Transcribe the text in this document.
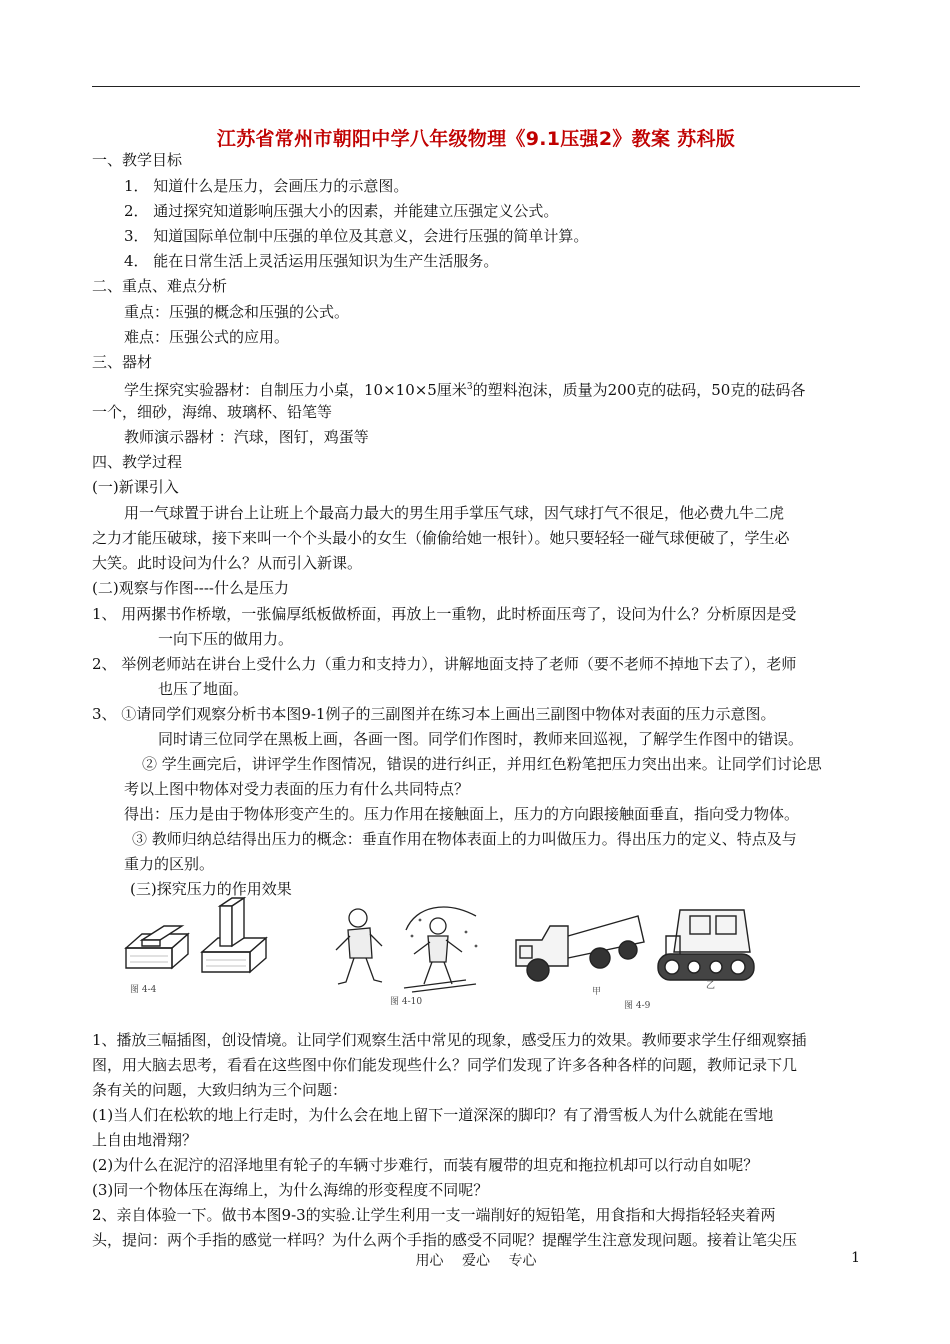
江苏省常州市朝阳中学八年级物理《9.1压强2》教案 苏科版
一、教学目标
1． 知道什么是压力，会画压力的示意图。
2． 通过探究知道影响压强大小的因素，并能建立压强定义公式。
3． 知道国际单位制中压强的单位及其意义，会进行压强的简单计算。
4． 能在日常生活上灵活运用压强知识为生产生活服务。
二、重点、难点分析
重点：压强的概念和压强的公式。
难点：压强公式的应用。
三、器材
学生探究实验器材：自制压力小桌，10×10×5厘米$^3$的塑料泡沫，质量为200克的砝码，50克的砝码各
一个，细砂，海绵、玻璃杯、铅笔等
教师演示器材 ：汽球，图钉，鸡蛋等
四、教学过程
(一)新课引入
用一气球置于讲台上让班上个最高力最大的男生用手掌压气球，因气球打气不很足，他必费九牛二虎
之力才能压破球，接下来叫一个个头最小的女生（偷偷给她一根针）。她只要轻轻一碰气球便破了，学生必
大笑。此时设问为什么？从而引入新课。
(二)观察与作图----什么是压力
1、 用两摞书作桥墩，一张偏厚纸板做桥面，再放上一重物，此时桥面压弯了，设问为什么？分析原因是受
一向下压的做用力。
2、 举例老师站在讲台上受什么力（重力和支持力），讲解地面支持了老师（要不老师不掉地下去了），老师
也压了地面。
3、 ①请同学们观察分析书本图9-1例子的三副图并在练习本上画出三副图中物体对表面的压力示意图。
同时请三位同学在黑板上画，各画一图。同学们作图时，教师来回巡视，了解学生作图中的错误。
② 学生画完后，讲评学生作图情况，错误的进行纠正，并用红色粉笔把压力突出出来。让同学们讨论思
考以上图中物体对受力表面的压力有什么共同特点？
得出：压力是由于物体形变产生的。压力作用在接触面上，压力的方向跟接触面垂直，指向受力物体。
③ 教师归纳总结得出压力的概念：垂直作用在物体表面上的力叫做压力。得出压力的定义、特点及与
重力的区别。
(三)探究压力的作用效果
图 4-4
图 4-10
甲
图 4-9
乙
1、播放三幅插图，创设情境。让同学们观察生活中常见的现象，感受压力的效果。教师要求学生仔细观察插
图，用大脑去思考，看看在这些图中你们能发现些什么？同学们发现了许多各种各样的问题，教师记录下几
条有关的问题，大致归纳为三个问题：
(1)当人们在松软的地上行走时，为什么会在地上留下一道深深的脚印？有了滑雪板人为什么就能在雪地
上自由地滑翔？
(2)为什么在泥泞的沼泽地里有轮子的车辆寸步难行，而装有履带的坦克和拖拉机却可以行动自如呢？
(3)同一个物体压在海绵上，为什么海绵的形变程度不同呢？
2、亲自体验一下。做书本图9-3的实验.让学生利用一支一端削好的短铅笔，用食指和大拇指轻轻夹着两
头，提问：两个手指的感觉一样吗？为什么两个手指的感受不同呢？提醒学生注意发现问题。接着让笔尖压
用心 爱心 专心	1
